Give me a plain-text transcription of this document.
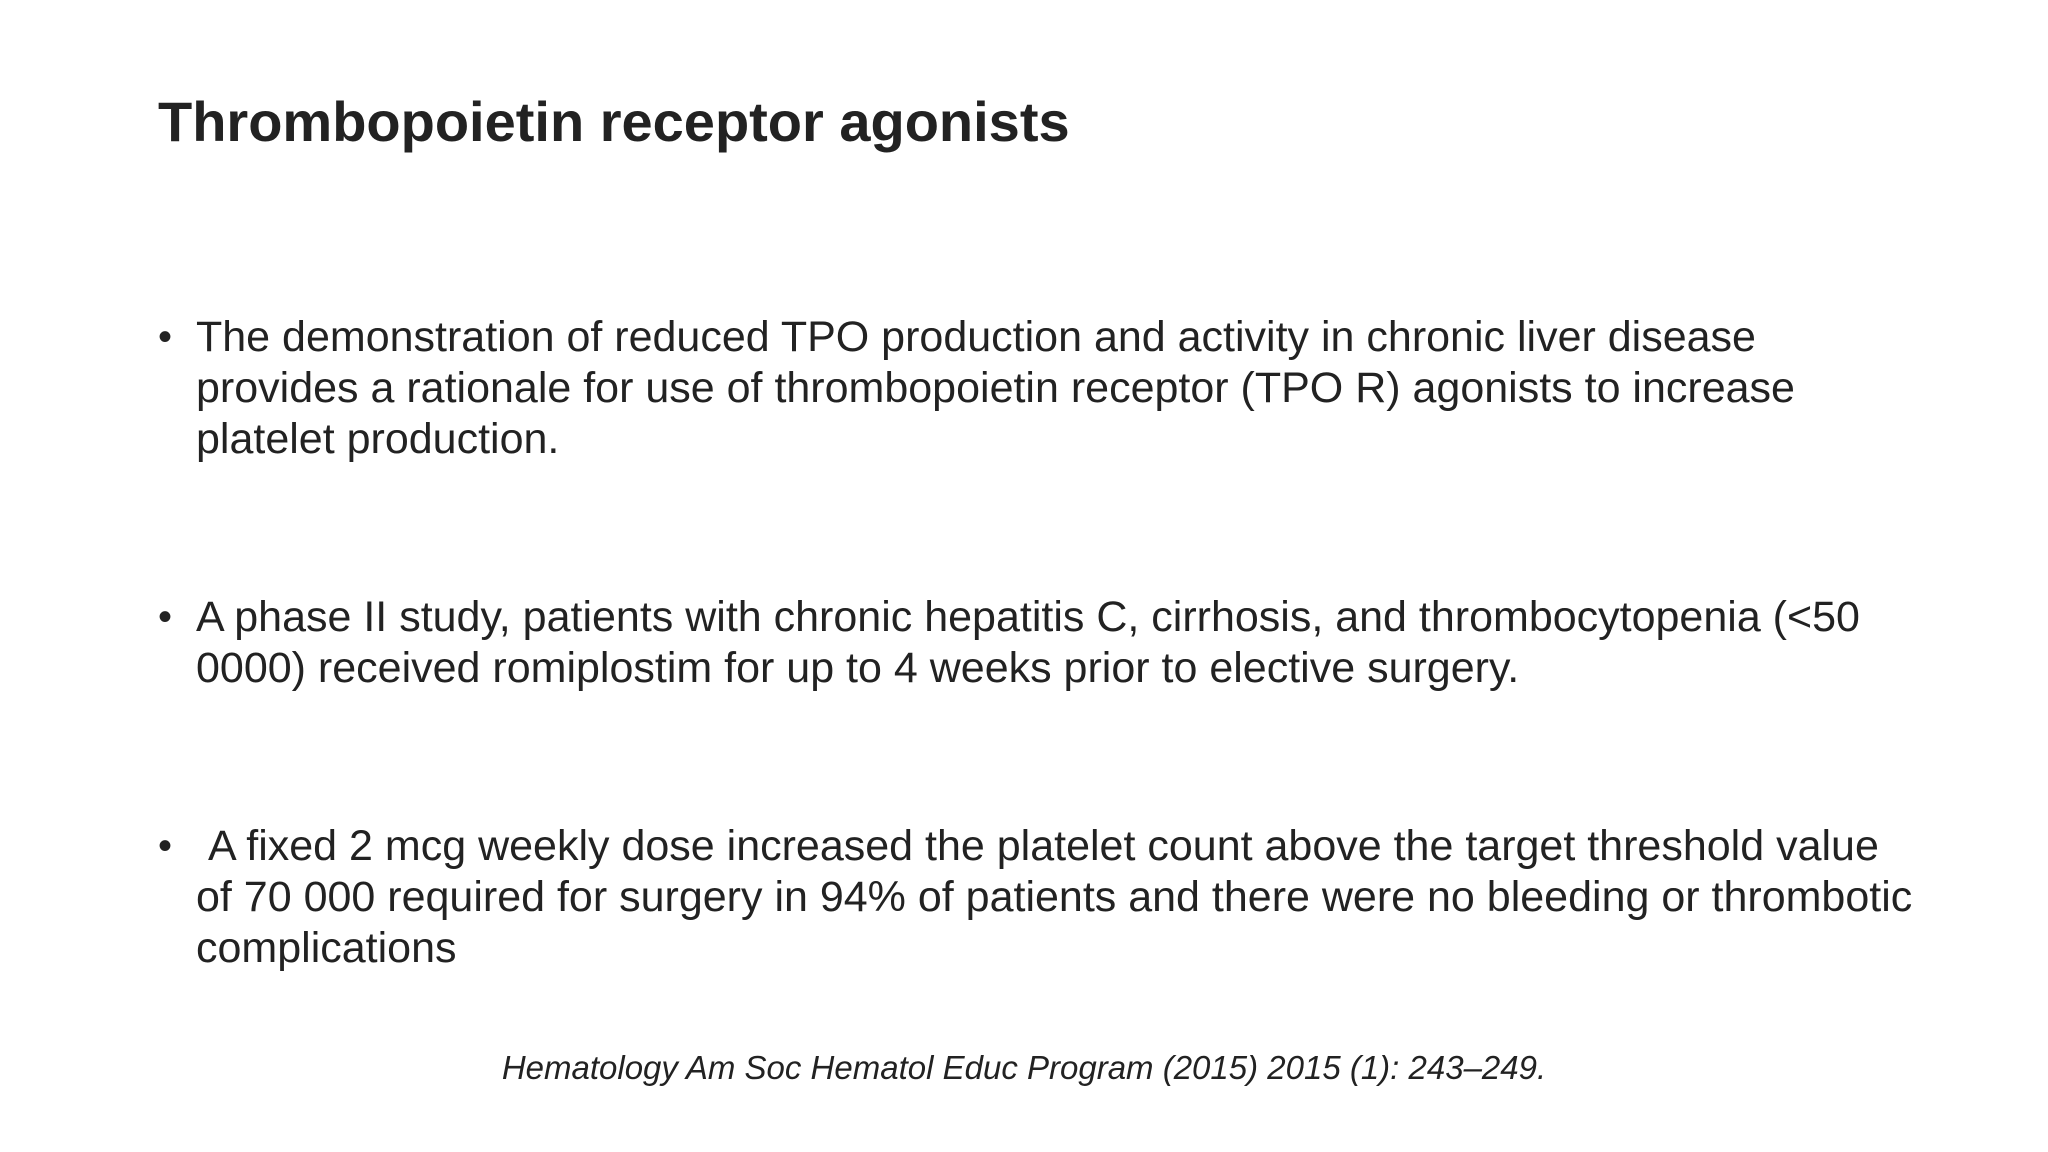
Thrombopoietin receptor agonists
• The demonstration of reduced TPO production and activity in chronic liver disease provides a rationale for use of thrombopoietin receptor (TPO R) agonists to increase platelet production.
• A phase II study, patients with chronic hepatitis C, cirrhosis, and thrombocytopenia (<50 0000) received romiplostim for up to 4 weeks prior to elective surgery.
• A fixed 2 mcg weekly dose increased the platelet count above the target threshold value of 70 000 required for surgery in 94% of patients and there were no bleeding or thrombotic complications

Hematology Am Soc Hematol Educ Program (2015) 2015 (1): 243–249.
